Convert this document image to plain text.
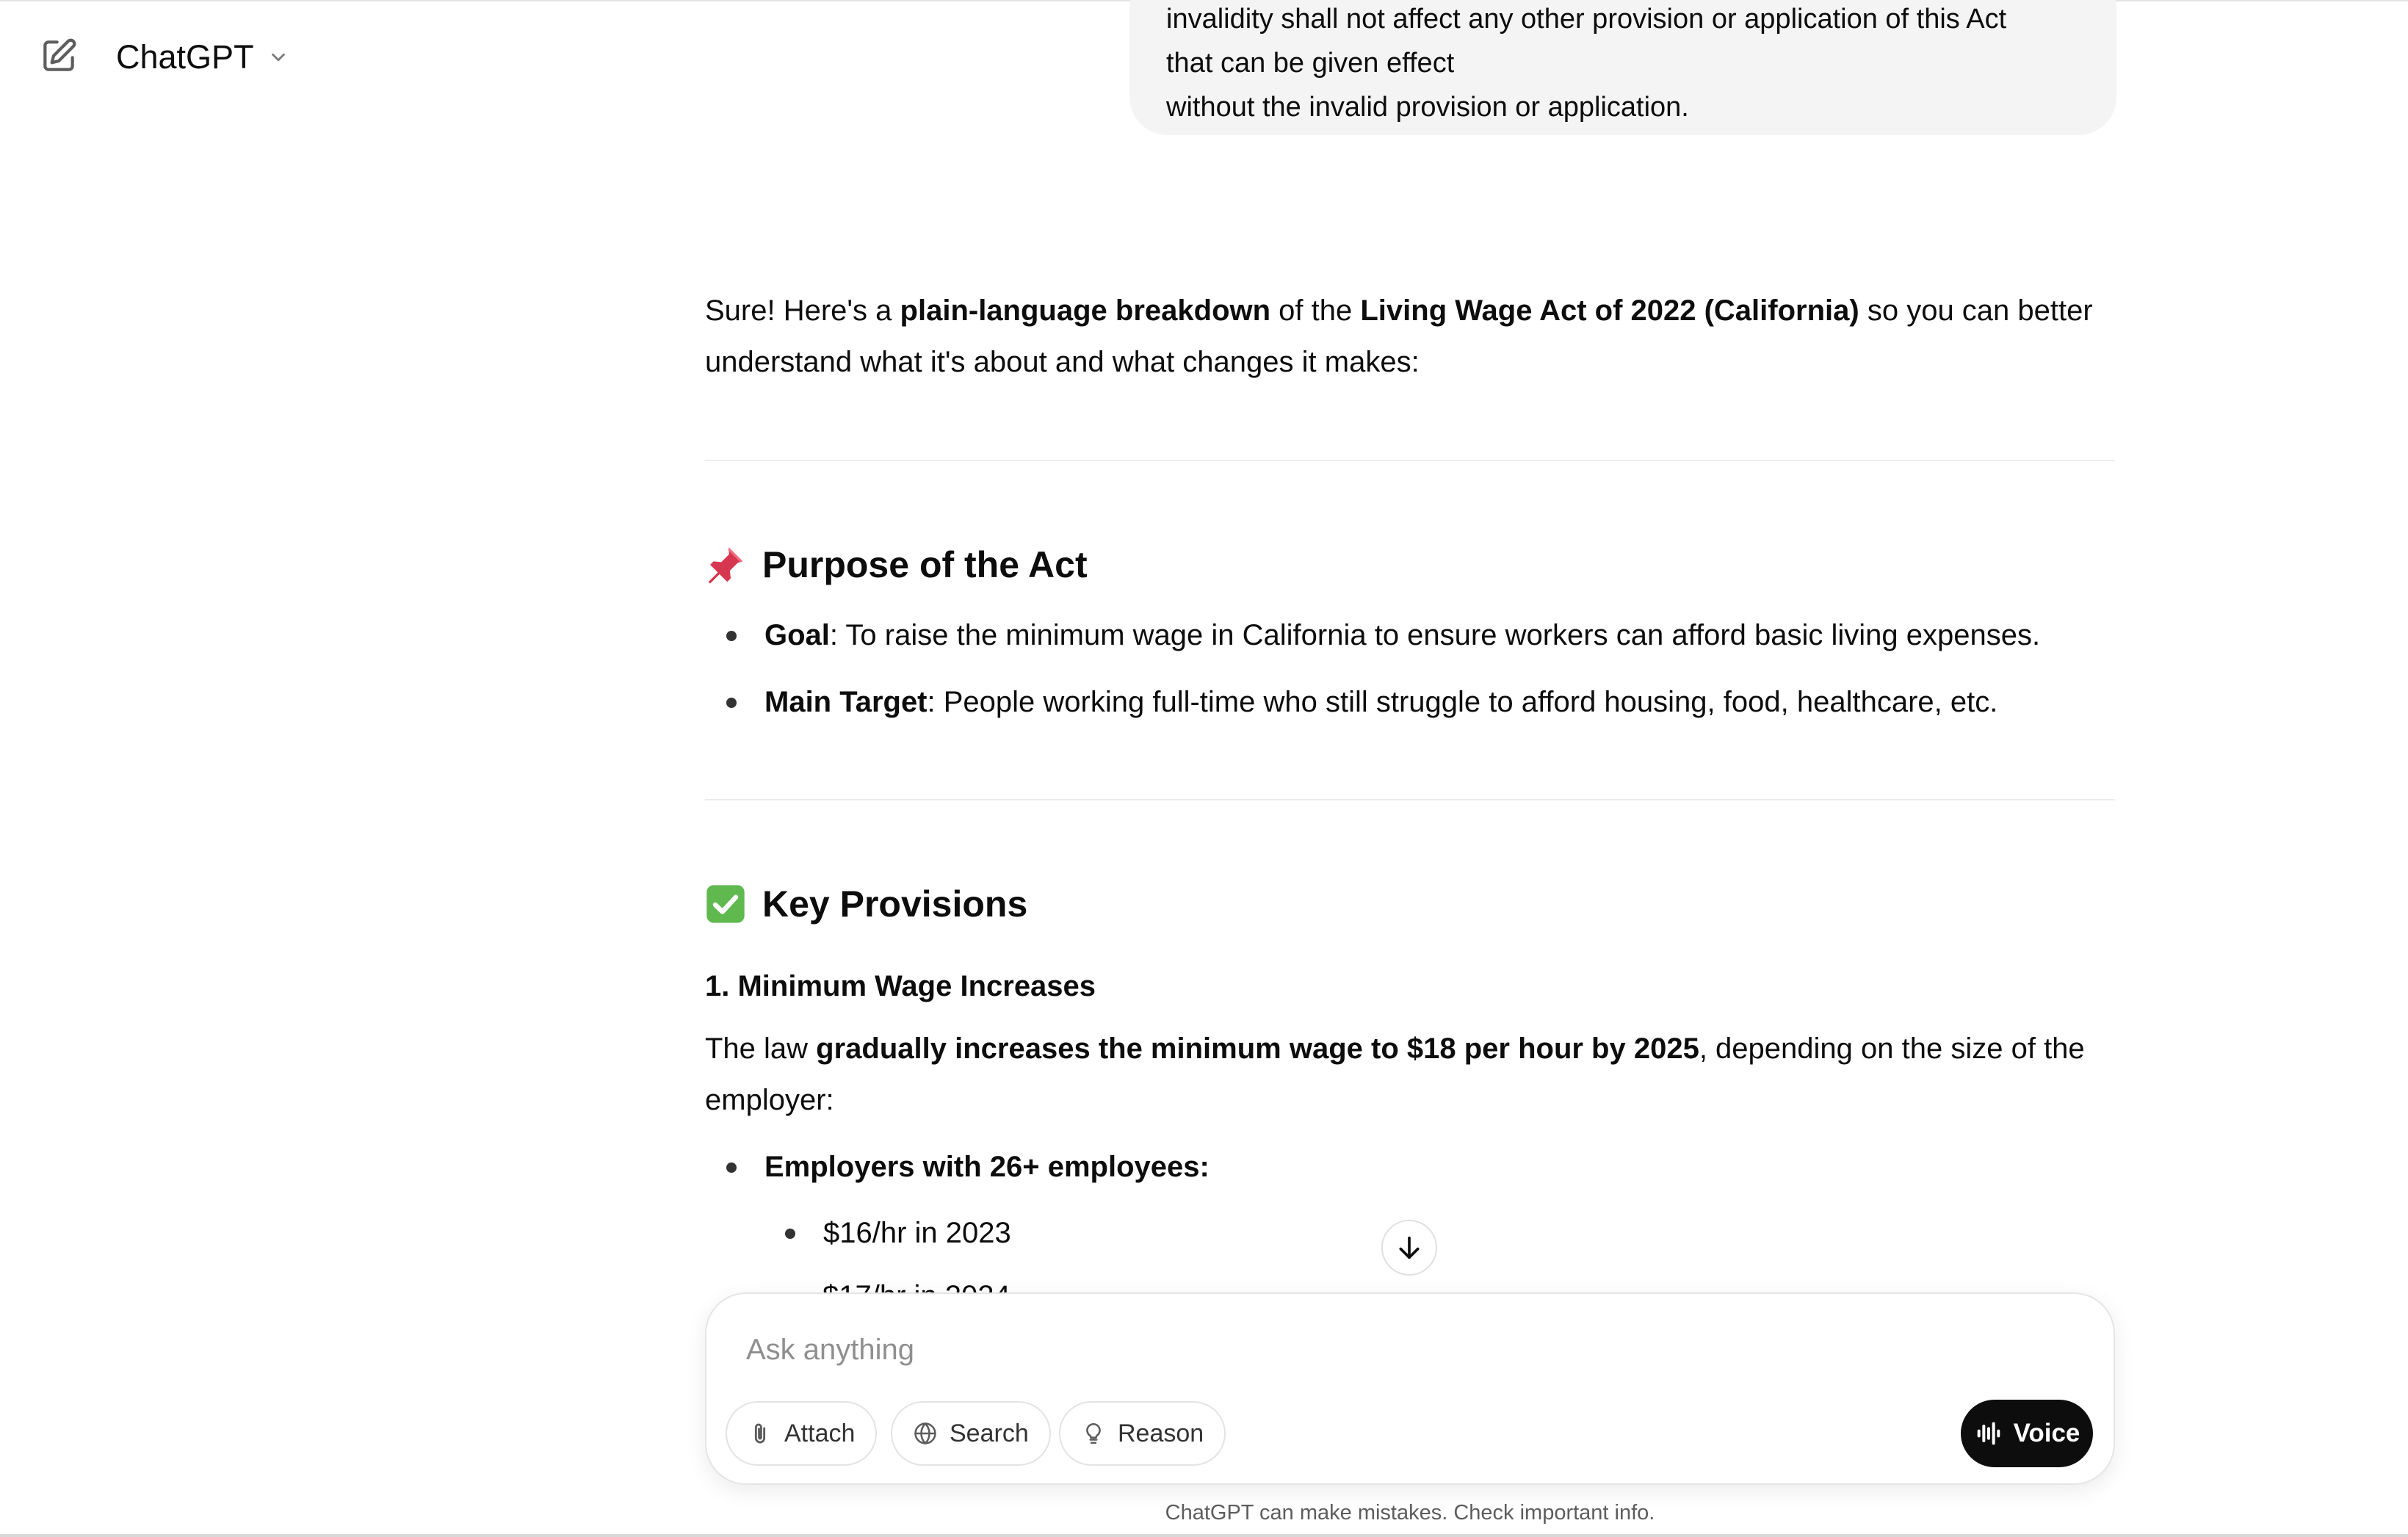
ChatGPT
invalidity shall not affect any other provision or application of this Act
that can be given effect
without the invalid provision or application.

Sure! Here's a plain-language breakdown of the Living Wage Act of 2022 (California) so you can better
understand what it's about and what changes it makes:

Purpose of the Act
Goal: To raise the minimum wage in California to ensure workers can afford basic living expenses.
Main Target: People working full-time who still struggle to afford housing, food, healthcare, etc.
Key Provisions

1. Minimum Wage Increases

The law gradually increases the minimum wage to $18 per hour by 2025, depending on the size of the
employer:

Employers with 26+ employees:
$16/hr in 2023
Ask anything
Attach	Search	Reason	Voice
ChatGPT can make mistakes. Check important info.
